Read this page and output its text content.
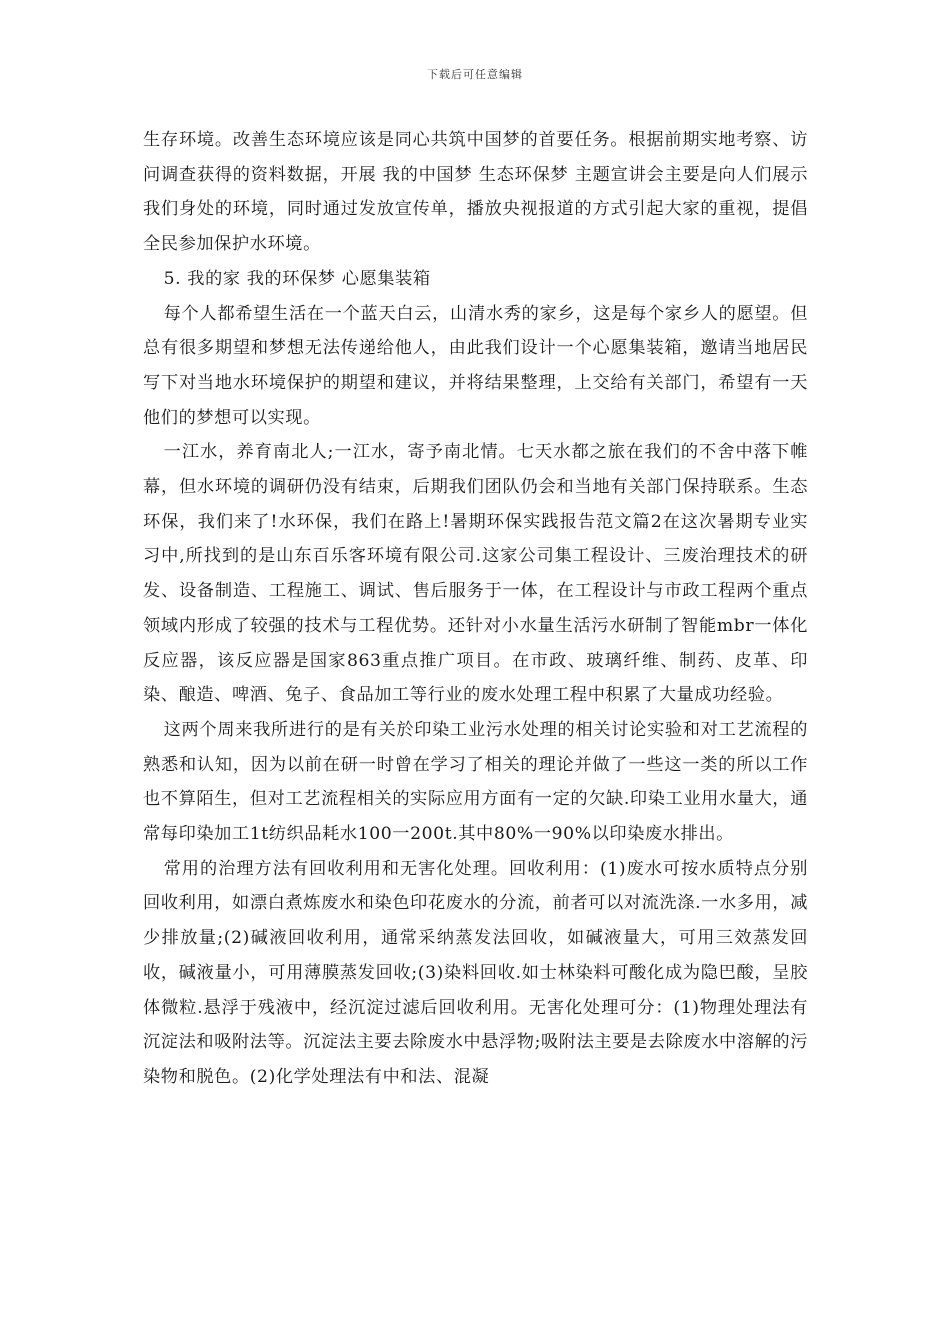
下载后可任意编辑

生存环境。改善生态环境应该是同心共筑中国梦的首要任务。根据前期实地考察、访问调查获得的资料数据，开展 我的中国梦 生态环保梦 主题宣讲会主要是向人们展示我们身处的环境，同时通过发放宣传单，播放央视报道的方式引起大家的重视，提倡全民参加保护水环境。

5. 我的家 我的环保梦 心愿集装箱

每个人都希望生活在一个蓝天白云，山清水秀的家乡，这是每个家乡人的愿望。但总有很多期望和梦想无法传递给他人，由此我们设计一个心愿集装箱，邀请当地居民写下对当地水环境保护的期望和建议，并将结果整理，上交给有关部门，希望有一天他们的梦想可以实现。

一江水，养育南北人;一江水，寄予南北情。七天水都之旅在我们的不舍中落下帷幕，但水环境的调研仍没有结束，后期我们团队仍会和当地有关部门保持联系。生态环保，我们来了!水环保，我们在路上!暑期环保实践报告范文篇2在这次暑期专业实习中,所找到的是山东百乐客环境有限公司.这家公司集工程设计、三废治理技术的研发、设备制造、工程施工、调试、售后服务于一体，在工程设计与市政工程两个重点领域内形成了较强的技术与工程优势。还针对小水量生活污水研制了智能mbr一体化反应器，该反应器是国家863重点推广项目。在市政、玻璃纤维、制药、皮革、印染、酿造、啤酒、兔子、食品加工等行业的废水处理工程中积累了大量成功经验。

这两个周来我所进行的是有关於印染工业污水处理的相关讨论实验和对工艺流程的熟悉和认知，因为以前在研一时曾在学习了相关的理论并做了一些这一类的所以工作也不算陌生，但对工艺流程相关的实际应用方面有一定的欠缺.印染工业用水量大，通常每印染加工1t纺织品耗水100一200t.其中80%一90%以印染废水排出。

常用的治理方法有回收利用和无害化处理。回收利用：(1)废水可按水质特点分别回收利用，如漂白煮炼废水和染色印花废水的分流，前者可以对流洗涤.一水多用，减少排放量;(2)碱液回收利用，通常采纳蒸发法回收，如碱液量大，可用三效蒸发回收，碱液量小，可用薄膜蒸发回收;(3)染料回收.如士林染料可酸化成为隐巴酸，呈胶体微粒.悬浮于残液中，经沉淀过滤后回收利用。无害化处理可分：(1)物理处理法有沉淀法和吸附法等。沉淀法主要去除废水中悬浮物;吸附法主要是去除废水中溶解的污染物和脱色。(2)化学处理法有中和法、混凝
